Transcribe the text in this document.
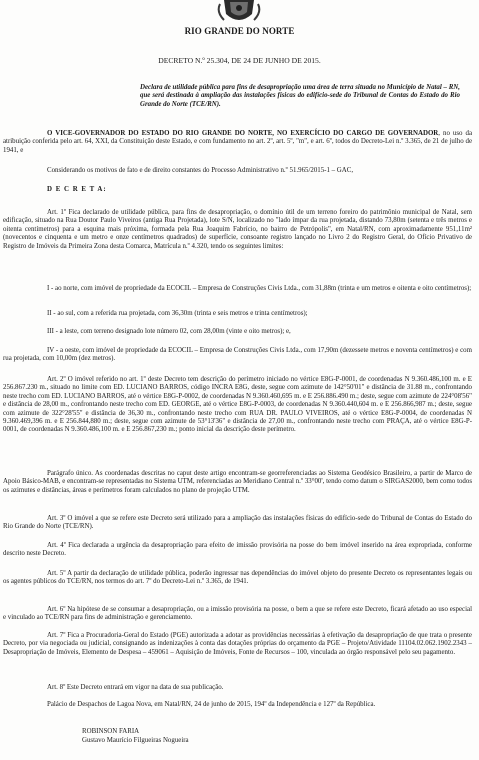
RIO GRANDE DO NORTE
DECRETO N.º 25.304, DE 24 DE JUNHO DE 2015.
Declara de utilidade pública para fins de desapropriação uma área de terra situada no Município de Natal – RN, que será destinada à ampliação das instalações físicas do edifício-sede do Tribunal de Contas do Estado do Rio Grande do Norte (TCE/RN).
O VICE-GOVERNADOR DO ESTADO DO RIO GRANDE DO NORTE, NO EXERCÍCIO DO CARGO DE GOVERNADOR, no uso da atribuição conferida pelo art. 64, XXI, da Constituição deste Estado, e com fundamento no art. 2º, art. 5º, "m", e art. 6º, todos do Decreto-Lei n.º 3.365, de 21 de julho de 1941, e
Considerando os motivos de fato e de direito constantes do Processo Administrativo n.º 51.965/2015-1 – GAC,
D E C R E T A:
Art. 1º Fica declarado de utilidade pública, para fins de desapropriação, o domínio útil de um terreno foreiro do patrimônio municipal de Natal, sem edificação, situado na Rua Doutor Paulo Viveiros (antiga Rua Projetada), lote S/N, localizado no "lado ímpar da rua projetada, distando 73,80m (setenta e três metros e oitenta centímetros) para a esquina mais próxima, formada pela Rua Joaquim Fabrício, no bairro de Petrópolis", em Natal/RN, com aproximadamente 951,11m² (novecentos e cinquenta e um metro e onze centímetros quadrados) de superfície, consoante registro lançado no Livro 2 do Registro Geral, do Ofício Privativo de Registro de Imóveis da Primeira Zona desta Comarca, Matrícula n.º 4.320, tendo os seguintes limites:
I - ao norte, com imóvel de propriedade da ECOCIL – Empresa de Construções Civis Ltda., com 31,88m (trinta e um metros e oitenta e oito centímetros);
II - ao sul, com a referida rua projetada, com 36,30m (trinta e seis metros e trinta centímetros);
III - a leste, com terreno designado lote número 02, com 28,00m (vinte e oito metros); e,
IV - a oeste, com imóvel de propriedade da ECOCIL – Empresa de Construções Civis Ltda., com 17,90m (dezessete metros e noventa centímetros) e com rua projetada, com 10,00m (dez metros).
Art. 2º O imóvel referido no art. 1º deste Decreto tem descrição do perímetro iniciado no vértice E8G-P-0001, de coordenadas N 9.360.486,100 m. e E 256.867.230 m., situado no limite com ED. LUCIANO BARROS, código INCRA E8G, deste, segue com azimute de 142°50'01" e distância de 31.88 m., confrontando neste trecho com ED. LUCIANO BARROS, até o vértice E8G-P-0002, de coordenadas N 9.360.460,695 m. e E 256.886.490 m.; deste, segue com azimute de 224°08'56" e distância de 28,00 m., confrontando neste trecho com ED. GEORGE, até o vértice E8G-P-0003, de coordenadas N 9.360.440,604 m. e E 256.866,987 m.; deste, segue com azimute de 322°28'55" e distância de 36,30 m., confrontando neste trecho com RUA DR. PAULO VIVEIROS, até o vértice E8G-P-0004, de coordenadas N 9.360.469,396 m. e E 256.844,880 m.; deste, segue com azimute de 53°13'36" e distância de 27,00 m., confrontando neste trecho com PRAÇA, até o vértice E8G-P-0001, de coordenadas N 9.360.486,100 m. e E 256.867,230 m.; ponto inicial da descrição deste perímetro.
Parágrafo único. As coordenadas descritas no caput deste artigo encontram-se georreferenciadas ao Sistema Geodésico Brasileiro, a partir de Marco de Apoio Básico-MAB, e encontram-se representadas no Sistema UTM, referenciadas ao Meridiano Central n.º 33°00', tendo como datum o SIRGAS2000, bem como todos os azimutes e distâncias, áreas e perímetros foram calculados no plano de projeção UTM.
Art. 3º O imóvel a que se refere este Decreto será utilizado para a ampliação das instalações físicas do edifício-sede do Tribunal de Contas do Estado do Rio Grande do Norte (TCE/RN).
Art. 4º Fica declarada a urgência da desapropriação para efeito de imissão provisória na posse do bem imóvel inserido na área expropriada, conforme descrito neste Decreto.
Art. 5º A partir da declaração de utilidade pública, poderão ingressar nas dependências do imóvel objeto do presente Decreto os representantes legais ou os agentes públicos do TCE/RN, nos termos do art. 7º do Decreto-Lei n.º 3.365, de 1941.
Art. 6º Na hipótese de se consumar a desapropriação, ou a imissão provisória na posse, o bem a que se refere este Decreto, ficará afetado ao uso especial e vinculado ao TCE/RN para fins de administração e gerenciamento.
Art. 7º Fica a Procuradoria-Geral do Estado (PGE) autorizada a adotar as providências necessárias à efetivação da desapropriação de que trata o presente Decreto, por via negociada ou judicial, consignando as indenizações à conta das dotações próprias do orçamento da PGE – Projeto/Atividade 11104.02.062.1902.2343 – Desapropriação de Imóveis, Elemento de Despesa – 459061 – Aquisição de Imóveis, Fonte de Recursos – 100, vinculada ao órgão responsável pelo seu pagamento.
Art. 8º Este Decreto entrará em vigor na data de sua publicação.
Palácio de Despachos de Lagoa Nova, em Natal/RN, 24 de junho de 2015, 194º da Independência e 127º da República.
ROBINSON FARIA
Gustavo Maurício Filgueiras Nogueira
